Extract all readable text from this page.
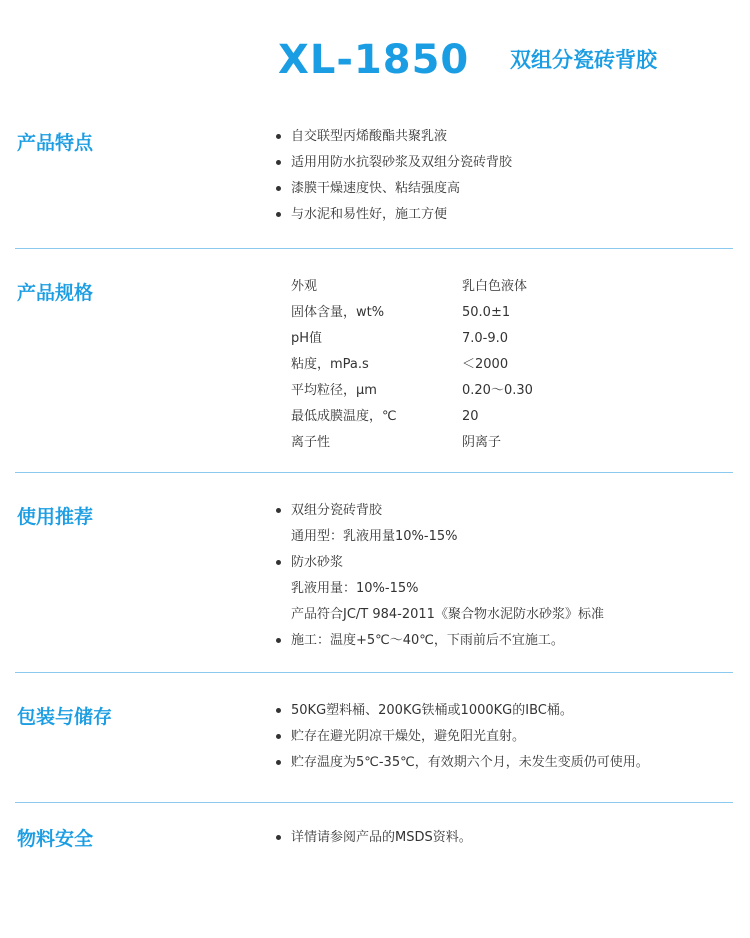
XL-1850 双组分瓷砖背胶
产品特点	自交联型丙烯酸酯共聚乳液
适用用防水抗裂砂浆及双组分瓷砖背胶
漆膜干燥速度快、粘结强度高
与水泥和易性好，施工方便
产品规格	外观	乳白色液体
固体含量，wt%	50.0±1
pH值	7.0-9.0
粘度，mPa.s	＜2000
平均粒径，μm	0.20～0.30
最低成膜温度，℃	20
离子性	阴离子
使用推荐	双组分瓷砖背胶
通用型：乳液用量10%-15%
防水砂浆
乳液用量：10%-15%
产品符合JC/T 984-2011《聚合物水泥防水砂浆》标准
施工：温度+5℃～40℃，下雨前后不宜施工。
包装与储存	50KG塑料桶、200KG铁桶或1000KG的IBC桶。
贮存在避光阴凉干燥处，避免阳光直射。
贮存温度为5℃-35℃，有效期六个月，未发生变质仍可使用。
物料安全	详情请参阅产品的MSDS资料。
